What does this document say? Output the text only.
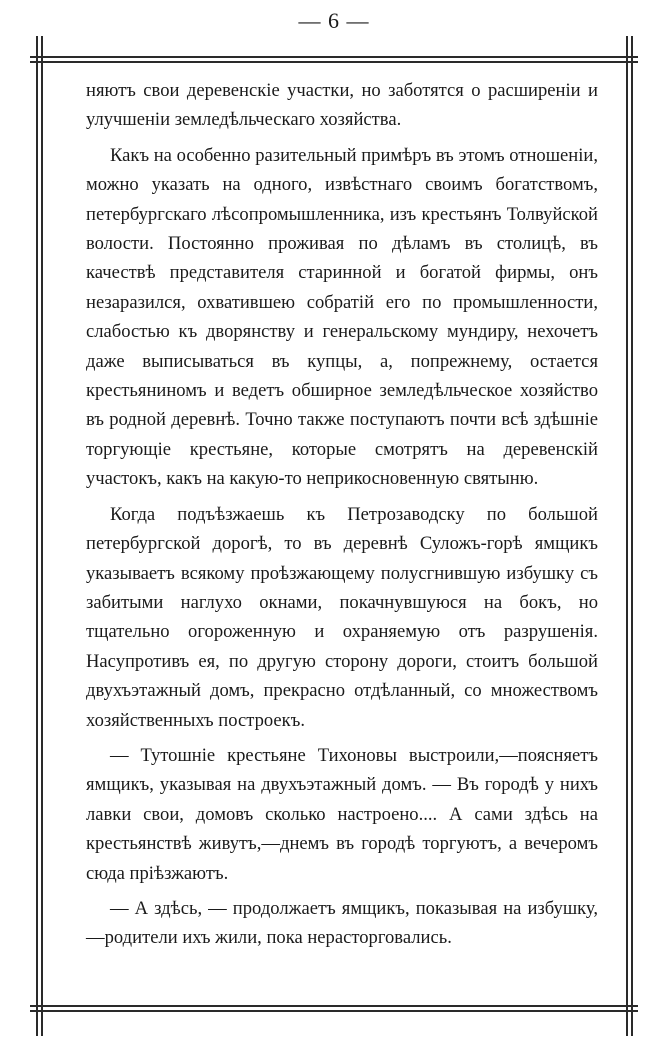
— 6 —

няютъ свои деревенскіе участки, но заботятся о расширеніи и улучшеніи земледѣльческаго хозяйства.

Какъ на особенно разительный примѣръ въ этомъ отношеніи, можно указать на одного, извѣстнаго своимъ богатствомъ, петербургскаго лѣсопромышленника, изъ крестьянъ Толвуйской волости. Постоянно проживая по дѣламъ въ столицѣ, въ качествѣ представителя старинной и богатой фирмы, онъ незаразился, охватившею собратій его по промышленности, слабостью къ дворянству и генеральскому мундиру, нехочетъ даже выписываться въ купцы, а, попрежнему, остается крестьяниномъ и ведетъ обширное земледѣльческое хозяйство въ родной деревнѣ. Точно также поступаютъ почти всѣ здѣшніе торгующіе крестьяне, которые смотрятъ на деревенскій участокъ, какъ на какую-то неприкосновенную святыню.

Когда подъѣзжаешь къ Петрозаводску по большой петербургской дорогѣ, то въ деревнѣ Суложъ-горѣ ямщикъ указываетъ всякому проѣзжающему полусгнившую избушку съ забитыми наглухо окнами, покачнувшуюся на бокъ, но тщательно огороженную и охраняемую отъ разрушенія. Насупротивъ ея, по другую сторону дороги, стоитъ большой двухъэтажный домъ, прекрасно отдѣланный, со множествомъ хозяйственныхъ построекъ.

— Тутошніе крестьяне Тихоновы выстроили,—поясняетъ ямщикъ, указывая на двухъэтажный домъ. — Въ городѣ у нихъ лавки свои, домовъ сколько настроено.... А сами здѣсь на крестьянствѣ живутъ,—днемъ въ городѣ торгуютъ, а вечеромъ сюда пріѣзжаютъ.

— А здѣсь, — продолжаетъ ямщикъ, показывая на избушку,—родители ихъ жили, пока нерасторговались.
